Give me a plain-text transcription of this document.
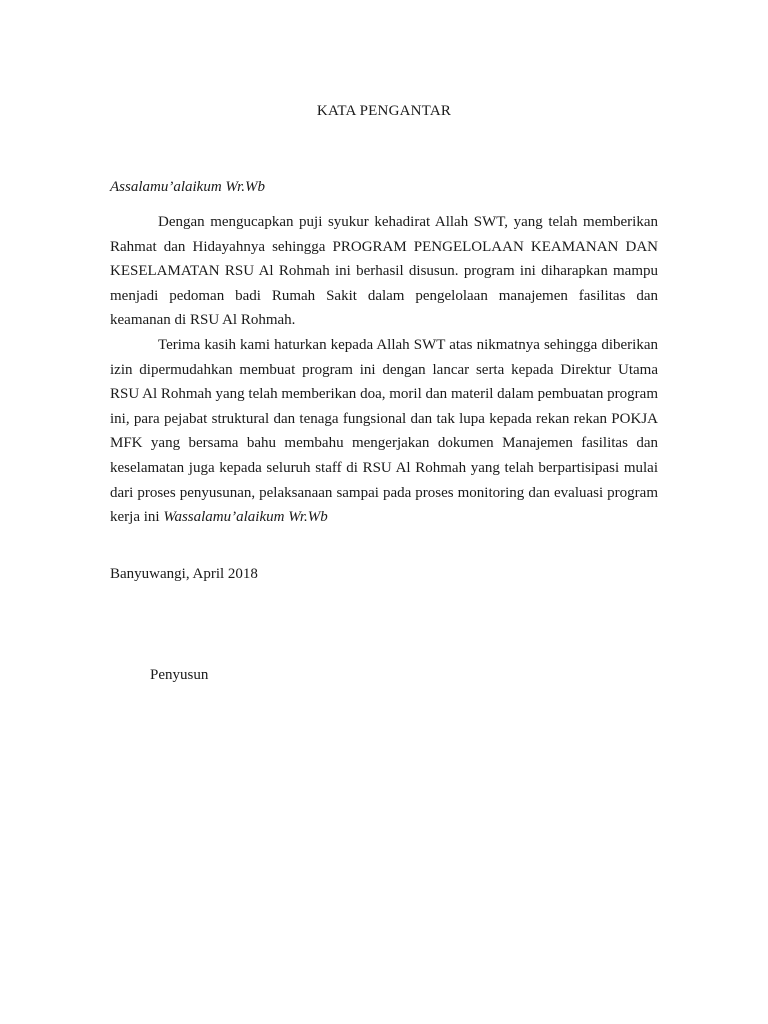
KATA PENGANTAR
Assalamu’alaikum Wr.Wb

Dengan mengucapkan puji syukur kehadirat Allah SWT, yang telah memberikan Rahmat dan Hidayahnya sehingga PROGRAM PENGELOLAAN KEAMANAN DAN KESELAMATAN RSU Al Rohmah ini berhasil disusun. program ini diharapkan mampu menjadi pedoman badi Rumah Sakit dalam pengelolaan manajemen fasilitas dan keamanan di RSU Al Rohmah.

Terima kasih kami haturkan kepada Allah SWT atas nikmatnya sehingga diberikan izin dipermudahkan membuat program ini dengan lancar serta kepada Direktur Utama RSU Al Rohmah yang telah memberikan doa, moril dan materil dalam pembuatan program ini, para pejabat struktural dan tenaga fungsional dan tak lupa kepada rekan rekan POKJA MFK yang bersama bahu membahu mengerjakan dokumen Manajemen fasilitas dan keselamatan juga kepada seluruh staff di RSU Al Rohmah yang telah berpartisipasi mulai dari proses penyusunan, pelaksanaan sampai pada proses monitoring dan evaluasi program kerja ini Wassalamu’alaikum Wr.Wb

Banyuwangi, April 2018
Penyusun
